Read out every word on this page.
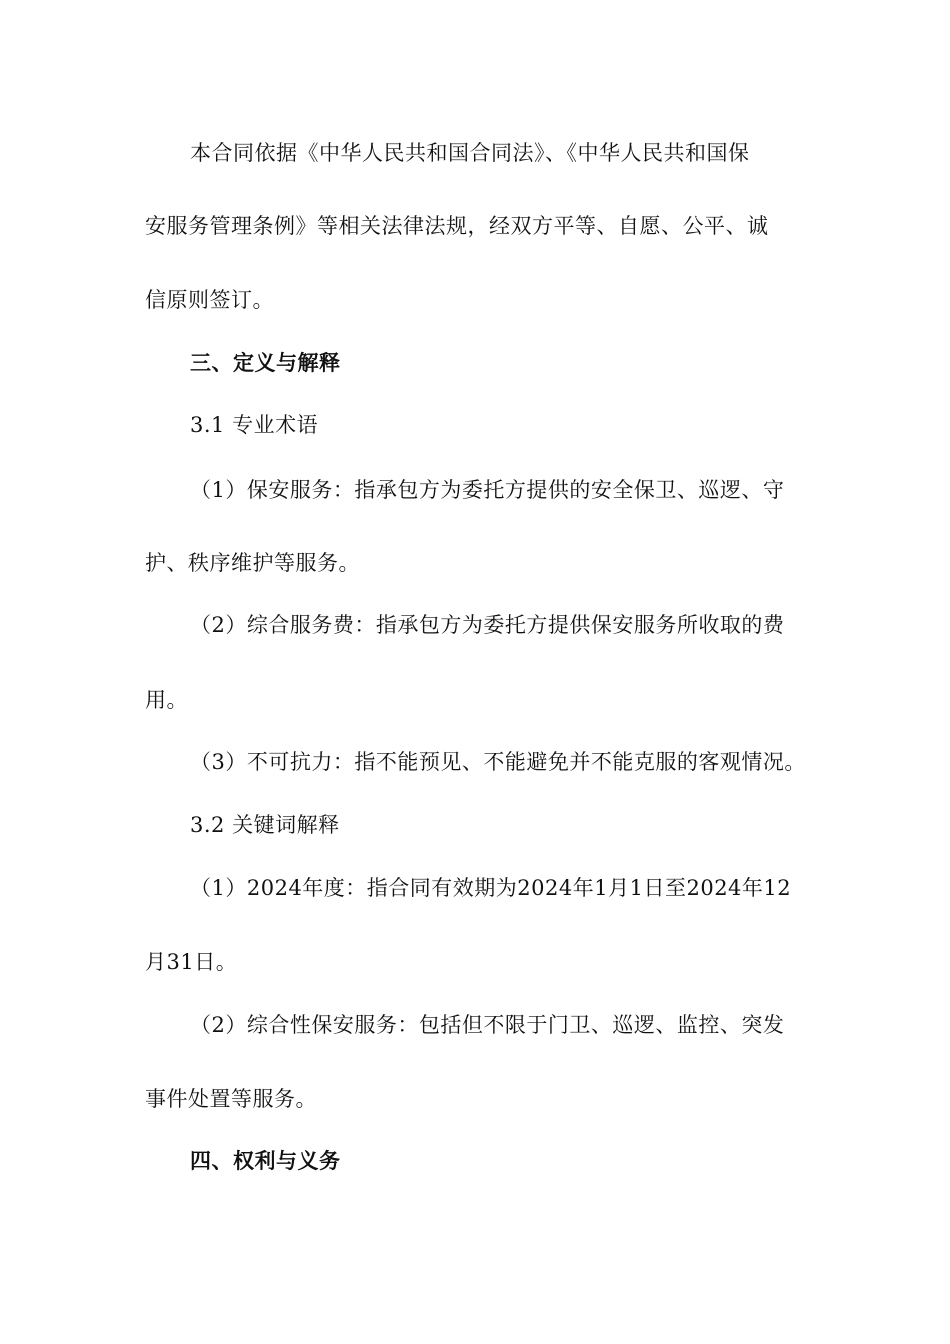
本合同依据《中华人民共和国合同法》、《中华人民共和国保
安服务管理条例》等相关法律法规，经双方平等、自愿、公平、诚
信原则签订。
三、定义与解释
3.1 专业术语
（1）保安服务：指承包方为委托方提供的安全保卫、巡逻、守
护、秩序维护等服务。
（2）综合服务费：指承包方为委托方提供保安服务所收取的费
用。
（3）不可抗力：指不能预见、不能避免并不能克服的客观情况。
3.2 关键词解释
（1）2024年度：指合同有效期为2024年1月1日至2024年12
月31日。
（2）综合性保安服务：包括但不限于门卫、巡逻、监控、突发
事件处置等服务。
四、权利与义务
